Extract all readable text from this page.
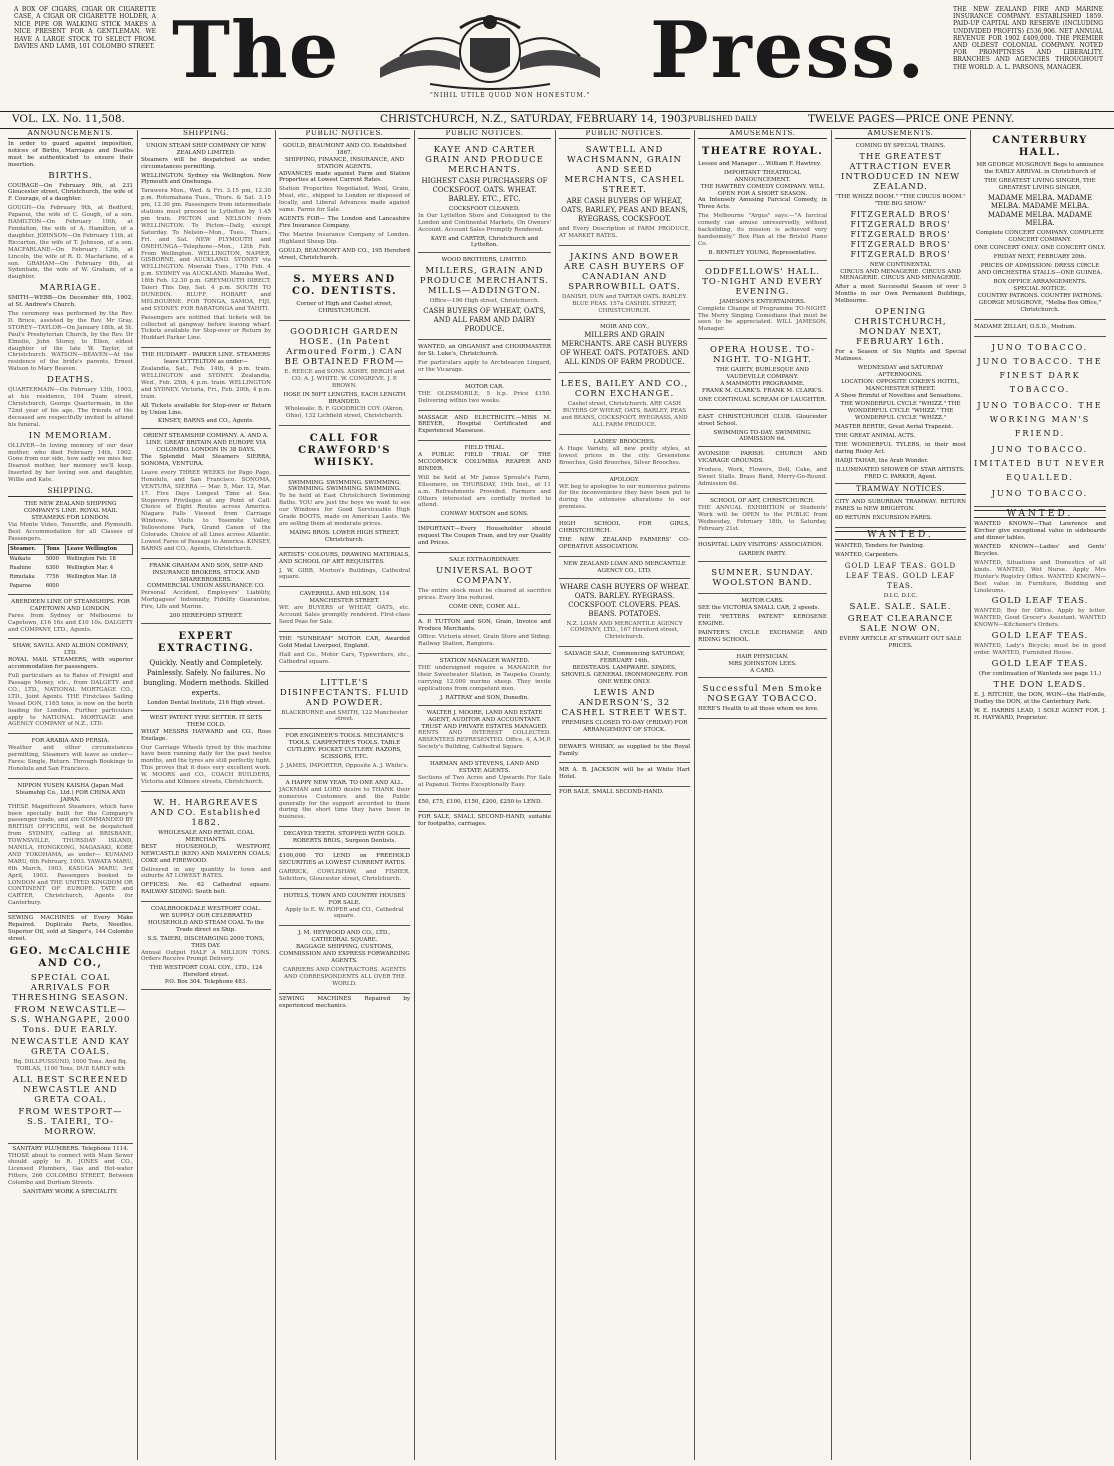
A BOX OF CIGARS, CIGAR OR CIGARETTE CASE, A CIGAR OR CIGARETTE HOLDER, A NICE PIPE OR WALKING STICK MAKES A NICE PRESENT FOR A GENTLEMAN. WE HAVE A LARGE STOCK TO SELECT FROM. DAVIES AND LAMB, 101 COLOMBO STREET. The	"NIHIL UTILE QUOD NON HONESTUM." Press.	THE NEW ZEALAND FIRE AND MARINE INSURANCE COMPANY. ESTABLISHED 1859. PAID-UP CAPITAL AND RESERVE (INCLUDING UNDIVIDED PROFITS) £536,906. NET ANNUAL REVENUE FOR 1902 £409,000. THE PREMIER AND OLDEST COLONIAL COMPANY. NOTED FOR PROMPTNESS AND LIBERALITY. BRANCHES AND AGENCIES THROUGHOUT THE WORLD. A. L. PARSONS, MANAGER.
VOL. LX. No. 11,508.	CHRISTCHURCH, N.Z., SATURDAY, FEBRUARY 14, 1903.
PUBLISHED DAILY	TWELVE PAGES—PRICE ONE PENNY.
ANNOUNCEMENTS.

In order to guard against imposition, notices of Births, Marriages and Deaths must be authenticated to ensure their insertion.

BIRTHS.

COURAGE—On February 9th, at 231 Gloucester street, Christchurch, the wife of F. Courage, of a daughter.

GOUGH—On February 9th, at Bedford, Papanui, the wife of C. Gough, of a son. HAMILTON—On February 10th, at Fendalton, the wife of A. Hamilton, of a daughter. JOHNSON—On February 11th, at Riccarton, the wife of T. Johnson, of a son. MACFARLANE—On February 12th, at Lincoln, the wife of R. D. Macfarlane, of a son. GRAHAM—On February 8th, at Sydenham, the wife of W. Graham, of a daughter.

MARRIAGE.

SMITH—WEBB—On December 6th, 1902, at St. Andrew's Church.

The ceremony was performed by the Rev. D. Bruce, assisted by the Rev. Mr Gray. STOREY—TAYLOR—On January 18th, at St. Paul's Presbyterian Church, by the Rev. Dr Elmslie, John Storey, to Ellen, eldest daughter of the late W. Taylor, of Christchurch. WATSON—BEAVEN—At the residence of the bride's parents, Ernest Watson to Mary Beaven.

DEATHS.

QUARTERMAIN—On February 13th, 1903, at his residence, 104 Tuam street, Christchurch, George Quartermain, in the 72nd year of his age. The friends of the deceased are respectfully invited to attend his funeral.

IN MEMORIAM.

OLLIVER—In loving memory of our dear mother, who died February 14th, 1902. Gone from our side, how sadly we miss her, Dearest mother, her memory we'll keep. Inserted by her loving son and daughter, Willie and Kate.

SHIPPING.
THE NEW ZEALAND SHIPPING COMPANY'S LINE. ROYAL MAIL STEAMERS FOR LONDON.

Via Monte Video, Teneriffe, and Plymouth. Best Accommodation for all Classes of Passengers.

Steamer.	Tons	Leave Wellington
Waikato	5000	Wellington Feb. 18
Ruahine	6300	Wellington Mar. 4
Rimutaka	7756	Wellington Mar. 18
Paparoa	6000	
ABERDEEN LINE OF STEAMSHIPS. FOR CAPETOWN AND LONDON.

Fares from Sydney or Melbourne to Capetown, £16 16s and £10 10s. DALGETY and COMPANY, LTD., Agents.

SHAW, SAVILL AND ALBION COMPANY, LTD.

ROYAL MAIL STEAMERS, with superior accommodation for passengers.

Full particulars as to Rates of Freight and Passage Money, etc., from DALGETY and CO., LTD., NATIONAL MORTGAGE CO., LTD., Joint Agents. THE Firstclass Sailing Vessel DON, 1165 tons, is now on the berth loading for London. Further particulars apply to NATIONAL MORTGAGE and AGENCY COMPANY of N.Z., LTD.

FOR ARABIA AND PERSIA.

Weather and other circumstances permitting, Steamers will leave as under— Fares: Single, Return. Through Bookings to Honolulu and San Francisco.

NIPPON YUSEN KAISHA (Japan Mail Steamship Co., Ltd.) FOR CHINA AND JAPAN.

THESE Magnificent Steamers, which have been specially built for the Company's passenger trade, and are COMMANDED BY BRITISH OFFICERS, will be despatched from SYDNEY, calling at BRISBANE, TOWNSVILLE, THURSDAY ISLAND, MANILA, HONGKONG, NAGASAKI, KOBE AND YOKOHAMA, as under— KUMANO MARU, 6th February, 1903. YAWATA MARU, 6th March, 1903. KASUGA MARU, 3rd April, 1903. Passengers booked to LONDON and THE UNITED KINGDOM OR CONTINENT OF EUROPE. TATE and CARTER, Christchurch, Agents for Canterbury.

SEWING MACHINES of Every Make Repaired. Duplicate Parts, Needles. Superior Oil, sold at Singer's, 144 Colombo street.

GEO. McCALCHIE AND CO.,
SPECIAL COAL ARRIVALS FOR THRESHING SEASON.
FROM NEWCASTLE— S.S. WHANGAPE, 2000 Tons. DUE EARLY.
NEWCASTLE AND KAY GRETA COALS.

Bq. DILLPUSSUND, 1000 Tons. And Bq. TOBLAS, 1100 Tons, DUE EARLY with

ALL BEST SCREENED NEWCASTLE AND GRETA COAL.
FROM WESTPORT— S.S. TAIERI, TO-MORROW.
SANITARY PLUMBERS. Telephone 1114.

THOSE about to connect with Main Sewer should apply to R. JONES and CO., Licensed Plumbers, Gas and Hot-water Fitters, 266 COLOMBO STREET, Between Colombo and Durham Streets.

SANITARY WORK A SPECIALITY.
SHIPPING.
UNION STEAM SHIP COMPANY OF NEW ZEALAND LIMITED.

Steamers will be despatched as under, circumstances permitting.

WELLINGTON. Sydney via Wellington. New Plymouth and Onehunga.

Tarawera Mon., Wed. & Fri. 3.15 pm, 12.30 p.m. Rotomahana Tues., Thurs. & Sat. 3.15 pm, 12.30 pm. Passengers from intermediate stations must proceed to Lyttelton by 1.45 pm train. PICTON and NELSON from WELLINGTON. To Picton—Daily, except Saturday. To Nelson—Mon., Tues., Thurs., Fri. and Sat. NEW PLYMOUTH and ONEHUNGA—Telephone—Mon., 12th Feb. From Wellington. WELLINGTON, NAPIER, GISBORNE, and AUCKLAND. SYDNEY via WELLINGTON. Moeraki Tues., 17th Feb. 4 p.m. SYDNEY via AUCKLAND. Manuka Wed., 18th Feb. 12.30 p.m. GREYMOUTH DIRECT. Taieri This Day, Sat. 4 p.m. SOUTH TO DUNEDIN. BLUFF, HOBART and MELBOURNE. FOR TONGA, SAMOA, FIJI, and SYDNEY. FOR RARATONGA and TAHITI.

Passengers are notified that tickets will be collected at gangway before leaving wharf. Tickets available for Stop-over or Return by Huddart Parker Line.

THE HUDDART - PARKER LINE. STEAMERS leave LYTTELTON as under—

Zealandia, Sat., Feb. 14th, 4 p.m. train. WELLINGTON and SYDNEY. Zealandia, Wed., Feb. 25th, 4 p.m. train. WELLINGTON and SYDNEY. Victoria, Fri., Feb. 20th, 4 p.m. train.

All Tickets available for Stop-over or Return by Union Line.

KINSEY, BARNS and CO., Agents.
ORIENT STEAMSHIP COMPANY. A. AND A. LINE. GREAT BRITAIN AND EUROPE VIA COLOMBO. LONDON IN 38 DAYS.

The Splendid Mail Steamers SIERRA, SONOMA, VENTURA.

Leave every THREE WEEKS for Pago Pago, Honolulu, and San Francisco. SONOMA, VENTURA, SIERRA — Mar. 5, Mar. 12, Mar. 17. Five Days Longest Time at Sea. Stopovers Privileges at any Point of Call. Choice of Eight Routes across America. Niagara Falls Viewed from Carriage Windows. Visits to Yosemite Valley, Yellowstone Park, Grand Canon of the Colorado. Choice of all Lines across Atlantic. Lowest Fares of Passage to America. KINSEY, BARNS and CO., Agents, Christchurch.

FRANK GRAHAM AND SON, SHIP AND INSURANCE BROKERS, STOCK AND SHAREBROKERS.
COMMERCIAL UNION ASSURANCE CO.

Personal Accident, Employers' Liability, Mortgagees' Indemnity, Fidelity Guarantee, Fire, Life and Marine.

200 HEREFORD STREET.
EXPERT EXTRACTING.

Quickly. Neatly and Completely. Painlessly. Safely. No failures. No bungling. Modern methods. Skilled experts.

London Dental Institute, 216 High street.
WEST PATENT TYRE SETTER. IT SETS THEM COLD.

WHAT MESSRS HAYWARD and CO., Ross Ensilage.

Our Carriage Wheels tyred by this machine have been running daily for the past twelve months, and the tyres are still perfectly tight. This proves that it does very excellent work. W. MOORS and CO., COACH BUILDERS, Victoria and Kilmore streets, Christchurch.

W. H. HARGREAVES AND CO. Established 1882.
WHOLESALE AND RETAIL COAL MERCHANTS.

BEST HOUSEHOLD, WESTPORT, NEWCASTLE (KEN) AND MALVERN COALS; COKE and FIREWOOD.

Delivered in any quantity to town and suburbs AT LOWEST RATES.

OFFICES: No. 62 Cathedral square. RAILWAY SIDING: South belt.

COALBROOKDALE WESTPORT COAL.

WE SUPPLY OUR CELEBRATED HOUSEHOLD AND STEAM COAL To the Trade direct ex Ship.

S.S. TAIERI, DISCHARGING 2000 TONS, THIS DAY.

Annual Output HALF A MILLION TONS. Orders Receive Prompt Delivery.

THE WESTPORT COAL COY., LTD., 124 Hereford street.
P.O. Box 304. Telephone 483.
PUBLIC NOTICES.
GOULD, BEAUMONT AND CO. Established 1867.
SHIPPING, FINANCE, INSURANCE, AND STATION AGENTS.

ADVANCES made against Farm and Station Properties at Lowest Current Rates.

Station Properties Negotiated. Wool, Grain, Meat, etc., shipped to London or disposed of locally, and Liberal Advances made against same. Farms for Sale.

AGENTS FOR— The London and Lancashire Fire Insurance Company.

The Marine Insurance Company of London. Highland Sheep Dip.

GOULD, BEAUMONT AND CO., 195 Hereford street, Christchurch.

S. MYERS AND CO. DENTISTS.

Corner of High and Cashel street, CHRISTCHURCH.

GOODRICH GARDEN HOSE. (In Patent Armoured Form.) CAN BE OBTAINED FROM—

E. REECE and SONS. ASHBY, BERGH and CO. A. J. WHITE. W. CONGREVE. J. P. BROWN.

HOSE IN 50FT LENGTHS, EACH LENGTH BRANDED.

Wholesale: B. F. GOODRICH COY. (Akron, Ohio), 132 Lichfield street, Christchurch.

CALL FOR CRAWFORD'S WHISKY.
SWIMMING. SWIMMING. SWIMMING. SWIMMING. SWIMMING. SWIMMING.

To be held at East Christchurch Swimming Baths. YOU are just the boys we want to see our Windows for Good Serviceable High Grade BOOTS, made on American Lasts. We are selling them at moderate prices.

MAING BROS. LOWER HIGH STREET, Christchurch.

ARTISTS' COLOURS, DRAWING MATERIALS, AND SCHOOL OF ART REQUISITES.

J. W. GIBB, Morten's Buildings, Cathedral square.

CAVERHILL AND HILSON, 114 MANCHESTER STREET.

WE are BUYERS of WHEAT, OATS, etc. Account Sales promptly rendered. First-class Seed Peas for Sale.

THE "SUNBEAM" MOTOR CAR, Awarded Gold Medal Liverpool, England.

Hall and Co., Motor Cars, Typewriters, etc., Cathedral square.

LITTLE'S DISINFECTANTS. FLUID AND POWDER.

BLACKBURNE and SMITH, 122 Manchester street.

FOR ENGINEER'S TOOLS. MECHANIC'S TOOLS. CARPENTER'S TOOLS. TABLE CUTLERY. POCKET CUTLERY. RAZORS, SCISSORS, ETC.

J. JAMES, IMPORTER, Opposite A. J. White's.

A HAPPY NEW YEAR. TO ONE AND ALL.

JACKMAN and LORD desire to THANK their numerous Customers and the Public generally for the support accorded to them during the short time they have been in business.

DECAYED TEETH. STOPPED WITH GOLD.
ROBERTS BROS., Surgeon Dentists.

£100,000 TO LEND on FREEHOLD SECURITIES at LOWEST CURRENT RATES.

GARRICK, COWLISHAW, and FISHER, Solicitors, Gloucester street, Christchurch.

HOTELS, TOWN AND COUNTRY HOUSES FOR SALE.

Apply to E. W. ROPER and CO., Cathedral square.

J. M. HEYWOOD AND CO., LTD., CATHEDRAL SQUARE.

BAGGAGE SHIPPING, CUSTOMS, COMMISSION AND EXPRESS FORWARDING AGENTS.

CARRIERS AND CONTRACTORS. AGENTS AND CORRESPONDENTS ALL OVER THE WORLD.

SEWING MACHINES Repaired by experienced mechanics.

PUBLIC NOTICES.
KAYE AND CARTER GRAIN AND PRODUCE MERCHANTS.

HIGHEST CASH PURCHASERS OF COCKSFOOT. OATS. WHEAT. BARLEY. ETC., ETC.

COCKSFOOT CLEANED.

In Our Lyttelton Store and Consigned to the London and Continental Markets, On Owners' Account. Account Sales Promptly Rendered.

KAYE and CARTER, Christchurch and Lyttelton.
WOOD BROTHERS, LIMITED.
MILLERS, GRAIN AND PRODUCE MERCHANTS. MILLS—ADDINGTON.

Office—196 High street, Christchurch.

CASH BUYERS OF WHEAT, OATS, AND ALL FARM AND DAIRY PRODUCE.

WANTED, an ORGANIST and CHOIRMASTER for St. Luke's, Christchurch.

For particulars apply to Archdeacon Lingard, or the Vicarage.

MOTOR CAR.

THE OLDSMOBILE, 5 h.p. Price £150. Delivering within two weeks.

MASSAGE AND ELECTRICITY.—MISS M. BREYER, Hospital Certificated and Experienced Masseuse.

FIELD TRIAL.

A PUBLIC FIELD TRIAL OF THE MCCORMICK COLUMBIA REAPER AND BINDER.

Will be held at Mr James Sproule's Farm, Ellesmere, on THURSDAY, 19th Inst., at 11 a.m. Refreshments Provided. Farmers and Others interested are cordially invited to attend.

CONWAY MATSON and SONS.

IMPORTANT—Every Householder should request The Coupon Tram, and try our Quality and Prices.

SALE EXTRAORDINARY.
UNIVERSAL BOOT COMPANY.

The entire stock must be cleared at sacrifice prices. Every line reduced.

COME ONE, COME ALL.

A. P. TUTTON and SON, Grain, Invoice and Produce Merchants.

Office: Victoria street. Grain Store and Siding: Railway Station, Rangiora.

STATION MANAGER WANTED.

THE undersigned require a MANAGER for their Sweetwater Station, in Taupeka County, carrying 12,000 merino sheep. They invite applications from competent men.

J. RATTRAY and SON, Dunedin.
WALTER J. MOORE, LAND AND ESTATE AGENT, AUDITOR AND ACCOUNTANT.
TRUST AND PRIVATE ESTATES MANAGED.

RENTS AND INTEREST COLLECTED. ABSENTEES REPRESENTED. Office, 4, A.M.P. Society's Building, Cathedral Square.

HARMAN AND STEVENS, LAND AND ESTATE AGENTS.

Sections of Two Acres and Upwards For Sale at Papanui. Terms Exceptionally Easy.

£50, £75, £100, £150, £200, £250 to LEND.

FOR SALE, SMALL SECOND-HAND, suitable for footpaths, carriages.

PUBLIC NOTICES.
SAWTELL AND WACHSMANN, GRAIN AND SEED MERCHANTS, CASHEL STREET.

ARE CASH BUYERS OF WHEAT, OATS, BARLEY, PEAS AND BEANS, RYEGRASS, COCKSFOOT.

and Every Description of FARM PRODUCE, AT MARKET RATES.

JAKINS AND BOWER ARE CASH BUYERS OF CANADIAN AND SPARROWBILL OATS.

DANISH, DUN and TARTAR OATS. BARLEY. BLUE PEAS. 157a CASHEL STREET, CHRISTCHURCH.

MOIR AND COY.,

MILLERS AND GRAIN MERCHANTS. ARE CASH BUYERS OF WHEAT. OATS. POTATOES. AND ALL KINDS OF FARM PRODUCE.

LEES, BAILEY AND CO., CORN EXCHANGE.

Cashel street, Christchurch. ARE CASH BUYERS OF WHEAT, OATS, BARLEY, PEAS and BEANS, COCKSFOOT, RYEGRASS, AND ALL FARM PRODUCE.

LADIES' BROOCHES.

A Huge Variety, all new pretty styles, at lowest prices in the city. Greenstone Brooches, Gold Brooches, Silver Brooches.

APOLOGY.

WE beg to apologise to our numerous patrons for the inconvenience they have been put to during the extensive alterations to our premises.

HIGH SCHOOL FOR GIRLS, CHRISTCHURCH.

THE NEW ZEALAND FARMERS' CO-OPERATIVE ASSOCIATION.

NEW ZEALAND LOAN AND MERCANTILE AGENCY CO., LTD.

WHARE CASH BUYERS OF WHEAT. OATS. BARLEY. RYEGRASS. COCKSFOOT. CLOVERS. PEAS. BEANS. POTATOES.

N.Z. LOAN AND MERCANTILE AGENCY COMPANY, LTD., 167 Hereford street, Christchurch.

SALVAGE SALE, Commencing SATURDAY, FEBRUARY 14th.

BEDSTEADS. LAMPWARE. SPADES, SHOVELS. GENERAL IRONMONGERY. FOR ONE WEEK ONLY.

LEWIS AND ANDERSON'S, 32 CASHEL STREET WEST.

PREMISES CLOSED TO-DAY (FRIDAY) FOR ARRANGEMENT OF STOCK.

DEWAR'S WHISKY, as supplied to the Royal Family.

MR A. B. JACKSON will be at White Hart Hotel.

FOR SALE, SMALL SECOND-HAND.

AMUSEMENTS.
THEATRE ROYAL.

Lessee and Manager ... William F. Hawtrey.

IMPORTANT THEATRICAL ANNOUNCEMENT.
THE HAWTREY COMEDY COMPANY. WILL OPEN FOR A SHORT SEASON.

An Intensely Amusing Farcical Comedy, in Three Acts.

The Melbourne "Argus" says:—"A farcical comedy can amuse unreservedly, without backsliding, its mission is achieved very handsomely." Box Plan at the Bristol Piano Co.

B. BENTLEY YOUNG, Representative.
ODDFELLOWS' HALL. TO-NIGHT AND EVERY EVENING.
JAMESON'S ENTERTAINERS.

Complete Change of Programme TO-NIGHT. The Merry Singing Comedians that must be seen to be appreciated. WILL JAMESON, Manager.

OPERA HOUSE. TO-NIGHT. TO-NIGHT.
THE GAIETY, BURLESQUE AND VAUDEVILLE COMPANY.
A MAMMOTH PROGRAMME.

FRANK M. CLARK'S. FRANK M. CLARK'S.

ONE CONTINUAL SCREAM OF LAUGHTER.

EAST CHRISTCHURCH CLUB. Gloucester street School.

SWIMMING TO-DAY. SWIMMING.
ADMISSION 6d.

AVONSIDE PARISH. CHURCH AND VICARAGE GROUNDS.

Produce, Work, Flowers, Doll, Cake, and Sweet Stalls. Brass Band, Merry-Go-Round. Admission 6d.

SCHOOL OF ART, CHRISTCHURCH.

THE ANNUAL EXHIBITION of Students' Work will be OPEN to the PUBLIC from Wednesday, February 18th, to Saturday, February 21st.

HOSPITAL LADY VISITORS' ASSOCIATION.

GARDEN PARTY.
SUMNER. SUNDAY. WOOLSTON BAND.
MOTOR CARS.

SEE the VICTORIA SMALL CAR, 2 speeds.

THE "PETTERS PATENT" KEROSENE ENGINE.

PAINTER'S CYCLE EXCHANGE AND RIDING SCHOOL.

HAIR PHYSICIAN.
MRS JOHNSTON LEES.
A CARD.
Successful Men Smoke NOSEGAY TOBACCO.

HERE'S Health to all those whom we love.

AMUSEMENTS.
COMING BY SPECIAL TRAINS.
THE GREATEST ATTRACTION EVER INTRODUCED IN NEW ZEALAND.

"THE WHIZZ BOOM." "THE CIRCUS BOOM." "THE BIG SHOW."

FITZGERALD BROS' FITZGERALD BROS' FITZGERALD BROS' FITZGERALD BROS' FITZGERALD BROS'

NEW CONTINENTAL

CIRCUS AND MENAGERIE. CIRCUS AND MENAGERIE. CIRCUS AND MENAGERIE.

After a most Successful Season of over 3 Months in our Own Permanent Buildings, Melbourne.

OPENING CHRISTCHURCH, MONDAY NEXT, FEBRUARY 16th.

For a Season of Six Nights and Special Matinees.

WEDNESDAY and SATURDAY AFTERNOONS.
LOCATION: OPPOSITE COKER'S HOTEL, MANCHESTER STREET.

A Show Brimful of Novelties and Sensations.

THE WONDERFUL CYCLE "WHIZZ." THE WONDERFUL CYCLE "WHIZZ." THE WONDERFUL CYCLE "WHIZZ."

MASTER BERTIE, Great Aerial Trapezist.

THE GREAT ANIMAL ACTS.

THE WONDERFUL TYLERS, in their most daring Risley Act.

HADJI TAHAR, the Arab Wonder.

ILLUMINATED SHOWER OF STAR ARTISTS.
FRED C. PARKER, Agent.
TRAMWAY NOTICES.

CITY AND SUBURBAN TRAMWAY. RETURN FARES to NEW BRIGHTON.

6D RETURN EXCURSION FARES.

WANTED.

WANTED, Tenders for Painting.

WANTED, Carpenters.

GOLD LEAF TEAS. GOLD LEAF TEAS. GOLD LEAF TEAS.

D.I.C. D.I.C.
SALE. SALE. SALE.
GREAT CLEARANCE SALE NOW ON.

EVERY ARTICLE AT STRAIGHT OUT SALE PRICES.

CANTERBURY HALL.

MR GEORGE MUSGROVE Begs to announce the EARLY ARRIVAL in Christchurch of

THE GREATEST LIVING SINGER, THE GREATEST LIVING SINGER,

MADAME MELBA. MADAME MELBA. MADAME MELBA. MADAME MELBA. MADAME MELBA.

Complete CONCERT COMPANY. COMPLETE CONCERT COMPANY.

ONE CONCERT ONLY. ONE CONCERT ONLY.

FRIDAY NEXT, FEBRUARY 20th.

PRICES OF ADMISSION: DRESS CIRCLE AND ORCHESTRA STALLS—ONE GUINEA.

BOX OFFICE ARRANGEMENTS.
SPECIAL NOTICE.
COUNTRY PATRONS. COUNTRY PATRONS.

GEORGE MUSGROVE, "Melba Box Office," Christchurch.

MADAME ZILLAH, O.S.D., Medium.

JUNO TOBACCO. JUNO TOBACCO. THE FINEST DARK TOBACCO.

JUNO TOBACCO. THE WORKING MAN'S FRIEND.

JUNO TOBACCO. IMITATED BUT NEVER EQUALLED.

JUNO TOBACCO.

WANTED.

WANTED KNOWN—That Lawrence and Kircher give exceptional value in sideboards and dinner tables.

WANTED KNOWN—Ladies' and Gents' Bicycles.

WANTED, Situations and Domestics of all kinds. WANTED, Wet Nurse. Apply Mrs Hunter's Registry Office. WANTED KNOWN—Best value in Furniture, Bedding and Linoleums.

GOLD LEAF TEAS.

WANTED, Boy for Office. Apply by letter. WANTED, Good Grocer's Assistant. WANTED KNOWN—Kitchener's Orders.

GOLD LEAF TEAS.

WANTED, Lady's Bicycle; must be in good order. WANTED, Furnished House.

GOLD LEAF TEAS.

(For continuation of Wanteds see page 11.)

THE DON LEADS.

E. J. RITCHIE, the DON, WON—the Half-mile, Dudley the DON, at the Canterbury Park.

W. E. HARRIS LEAD, 1 SOLE AGENT FOR. J. H. HAYWARD, Proprietor.
